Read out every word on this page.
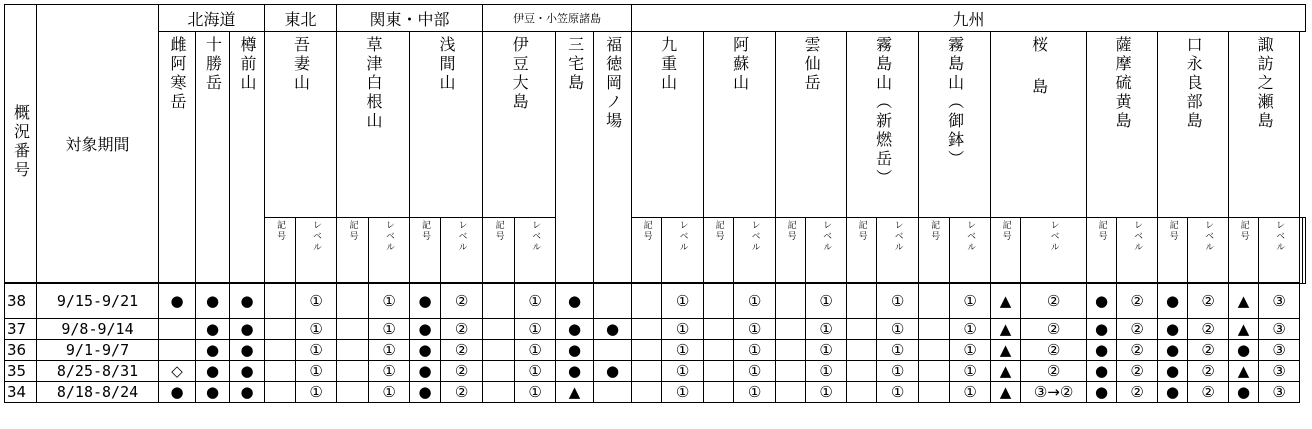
概況番号	対象期間	北海道			東北		関東・中部				伊豆・小笠原諸島				九州																			
		雌阿寒岳	十勝岳	樽前山	吾妻山		草津白根山		浅間山		伊豆大島		三宅島	福徳岡ノ場	九重山		阿蘇山		雲仙岳		霧島山（新燃岳）		霧島山（御鉢）		桜島		薩摩硫黄島		口永良部島		諏訪之瀬島			
					記号	レベル	記号	レベル	記号	レベル	記号	レベル			記号	レベル	記号	レベル	記号	レベル	記号	レベル	記号	レベル	記号	レベル	記号	レベル	記号	レベル	記号	レベル	記号	レベル
38	9/15-9/21	●	●	●		①		①	●	②		①	●			①		①		①		①		①	▲	②	●	②	●	②	▲	③		
37	9/8-9/14		●	●		①		①	●	②		①	●	●		①		①		①		①		①	▲	②	●	②	●	②	▲	③		
36	9/1-9/7		●	●		①		①	●	②		①	●			①		①		①		①		①	▲	②	●	②	●	②	●	③		
35	8/25-8/31	◇	●	●		①		①	●	②		①	●	●		①		①		①		①		①	▲	②	●	②	●	②	▲	③		
34	8/18-8/24	●	●	●		①		①	●	②		①	▲			①		①		①		①		①	▲	③→②	●	②	●	②	●	③		
